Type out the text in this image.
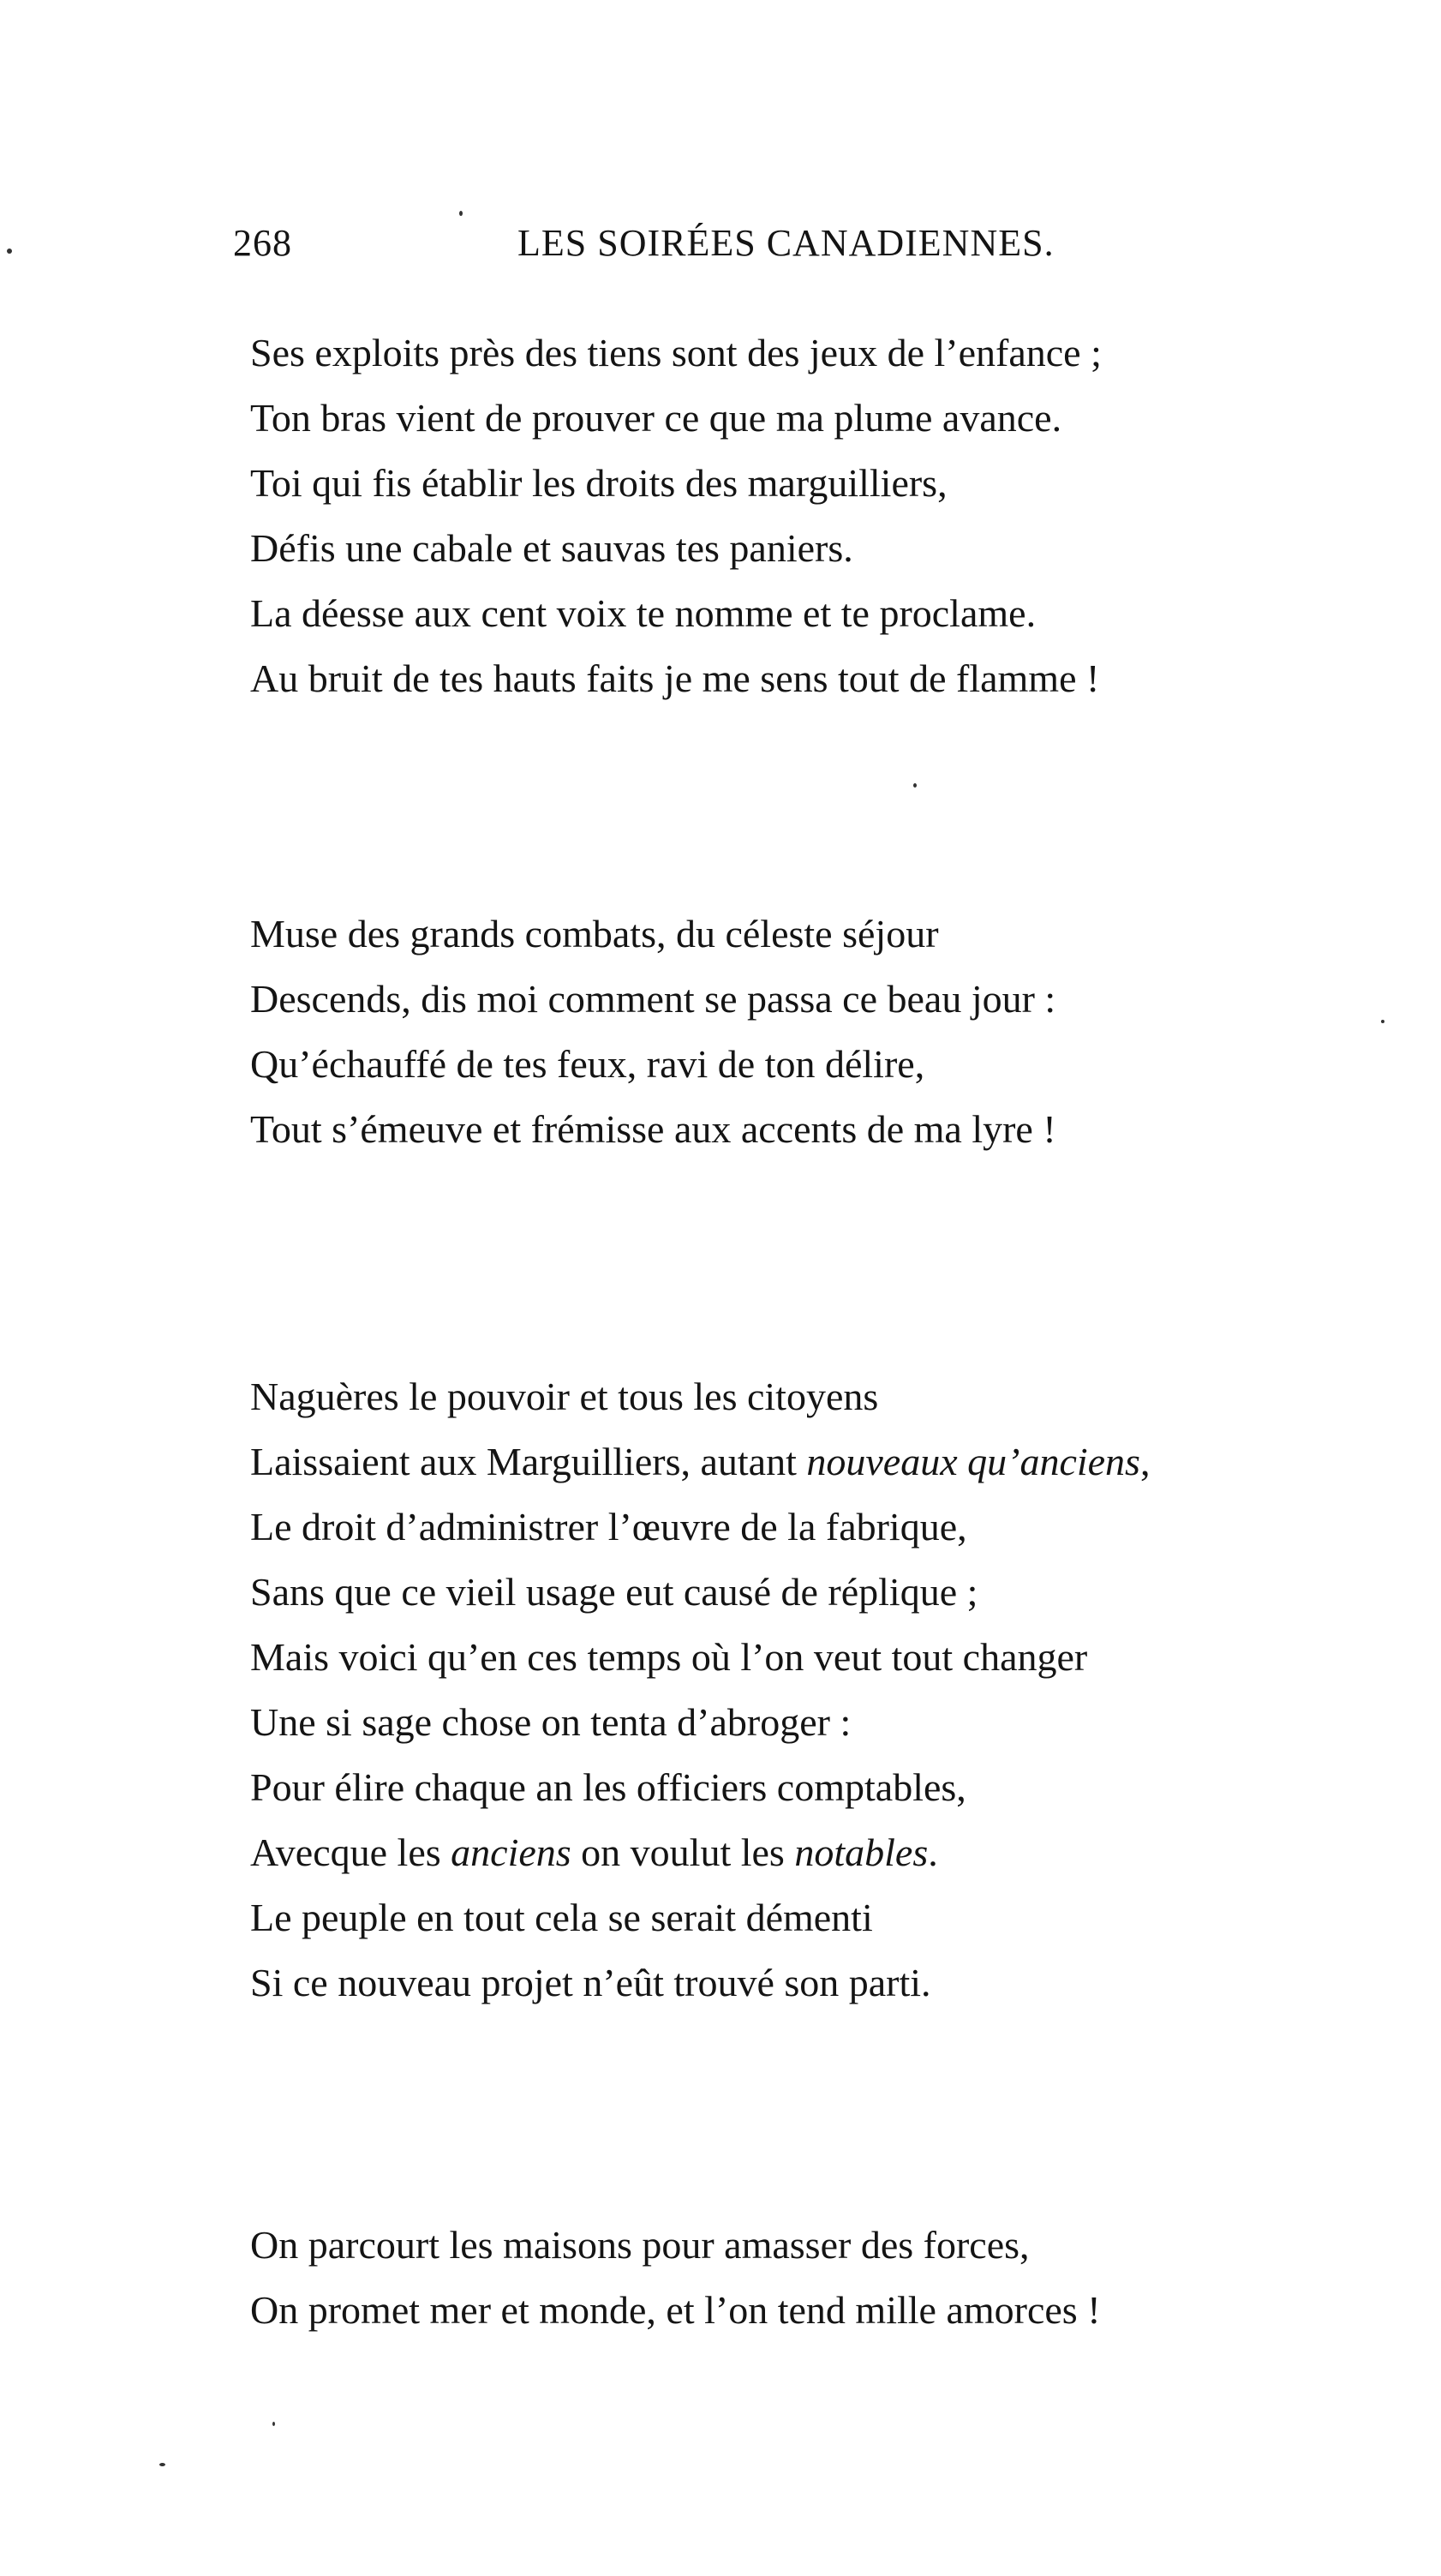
268	LES SOIRÉES CANADIENNES.
Ses exploits près des tiens sont des jeux de l’enfance ;
Ton bras vient de prouver ce que ma plume avance.
Toi qui fis établir les droits des marguilliers,
Défis une cabale et sauvas tes paniers.
La déesse aux cent voix te nomme et te proclame.
Au bruit de tes hauts faits je me sens tout de flamme !
Muse des grands combats, du céleste séjour
Descends, dis moi comment se passa ce beau jour :
Qu’échauffé de tes feux, ravi de ton délire,
Tout s’émeuve et frémisse aux accents de ma lyre !
Naguères le pouvoir et tous les citoyens
Laissaient aux Marguilliers, autant nouveaux qu’anciens,
Le droit d’administrer l’œuvre de la fabrique,
Sans que ce vieil usage eut causé de réplique ;
Mais voici qu’en ces temps où l’on veut tout changer
Une si sage chose on tenta d’abroger :
Pour élire chaque an les officiers comptables,
Avecque les anciens on voulut les notables.
Le peuple en tout cela se serait démenti
Si ce nouveau projet n’eût trouvé son parti.
On parcourt les maisons pour amasser des forces,
On promet mer et monde, et l’on tend mille amorces !
